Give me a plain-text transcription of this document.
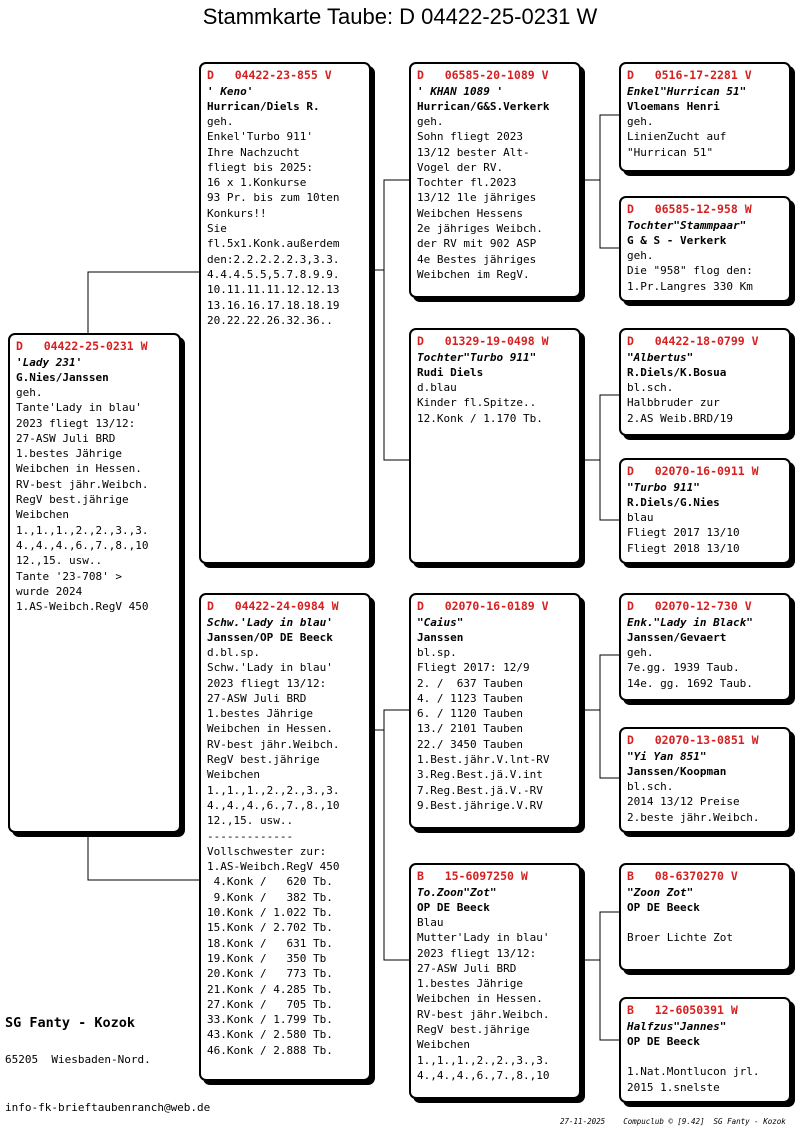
Stammkarte Taube: D 04422-25-0231 W
D   04422-25-0231 W
'Lady 231'
G.Nies/Janssen
geh.
Tante'Lady in blau'
2023 fliegt 13/12:
27-ASW Juli BRD
1.bestes Jährige
Weibchen in Hessen.
RV-best jähr.Weibch.
RegV best.jährige
Weibchen
1.,1.,1.,2.,2.,3.,3.
4.,4.,4.,6.,7.,8.,10
12.,15. usw..
Tante '23-708' >
wurde 2024
1.AS-Weibch.RegV 450
D   04422-23-855 V
' Keno'
Hurrican/Diels R.
geh.
Enkel'Turbo 911'
Ihre Nachzucht
fliegt bis 2025:
16 x 1.Konkurse
93 Pr. bis zum 10ten
Konkurs!!
Sie
fl.5x1.Konk.außerdem
den:2.2.2.2.2.3,3.3.
4.4.4.5.5,5.7.8.9.9.
10.11.11.11.12.12.13
13.16.16.17.18.18.19
20.22.22.26.32.36..
D   04422-24-0984 W
Schw.'Lady in blau'
Janssen/OP DE Beeck
d.bl.sp.
Schw.'Lady in blau'
2023 fliegt 13/12:
27-ASW Juli BRD
1.bestes Jährige
Weibchen in Hessen.
RV-best jähr.Weibch.
RegV best.jährige
Weibchen
1.,1.,1.,2.,2.,3.,3.
4.,4.,4.,6.,7.,8.,10
12.,15. usw..
-------------
Vollschwester zur:
1.AS-Weibch.RegV 450
4.Konk /   620 Tb.
9.Konk /   382 Tb.
10.Konk / 1.022 Tb.
15.Konk / 2.702 Tb.
18.Konk /   631 Tb.
19.Konk /   350 Tb
20.Konk /   773 Tb.
21.Konk / 4.285 Tb.
27.Konk /   705 Tb.
33.Konk / 1.799 Tb.
43.Konk / 2.580 Tb.
46.Konk / 2.888 Tb.
D   06585-20-1089 V
' KHAN 1089 '
Hurrican/G&S.Verkerk
geh.
Sohn fliegt 2023
13/12 bester Alt-
Vogel der RV.
Tochter fl.2023
13/12 1le jähriges
Weibchen Hessens
2e jähriges Weibch.
der RV mit 902 ASP
4e Bestes jähriges
Weibchen im RegV.
D   01329-19-0498 W
Tochter"Turbo 911"
Rudi Diels
d.blau
Kinder fl.Spitze..
12.Konk / 1.170 Tb.
D   02070-16-0189 V
"Caius"
Janssen
bl.sp.
Fliegt 2017: 12/9
2. /  637 Tauben
4. / 1123 Tauben
6. / 1120 Tauben
13./ 2101 Tauben
22./ 3450 Tauben
1.Best.jähr.V.lnt-RV
3.Reg.Best.jä.V.int
7.Reg.Best.jä.V.-RV
9.Best.jährige.V.RV
B   15-6097250 W
To.Zoon"Zot"
OP DE Beeck
Blau
Mutter'Lady in blau'
2023 fliegt 13/12:
27-ASW Juli BRD
1.bestes Jährige
Weibchen in Hessen.
RV-best jähr.Weibch.
RegV best.jährige
Weibchen
1.,1.,1.,2.,2.,3.,3.
4.,4.,4.,6.,7.,8.,10
D   0516-17-2281 V
Enkel"Hurrican 51"
Vloemans Henri
geh.
LinienZucht auf
"Hurrican 51"
D   06585-12-958 W
Tochter"Stammpaar"
G & S - Verkerk
geh.
Die "958" flog den:
1.Pr.Langres 330 Km
D   04422-18-0799 V
"Albertus"
R.Diels/K.Bosua
bl.sch.
Halbbruder zur
2.AS Weib.BRD/19
D   02070-16-0911 W
"Turbo 911"
R.Diels/G.Nies
blau
Fliegt 2017 13/10
Fliegt 2018 13/10
D   02070-12-730 V
Enk."Lady in Black"
Janssen/Gevaert
geh.
7e.gg. 1939 Taub.
14e. gg. 1692 Taub.
D   02070-13-0851 W
"Yi Yan 851"
Janssen/Koopman
bl.sch.
2014 13/12 Preise
2.beste jähr.Weibch.
B   08-6370270 V
"Zoon Zot"
OP DE Beeck

Broer Lichte Zot
B   12-6050391 W
Halfzus"Jannes"
OP DE Beeck

1.Nat.Montlucon jrl.
2015 1.snelste
SG Fanty - Kozok
65205  Wiesbaden-Nord.
info-fk-brieftaubenranch@web.de
27-11-2025    Compuclub © [9.42]  SG Fanty - Kozok
